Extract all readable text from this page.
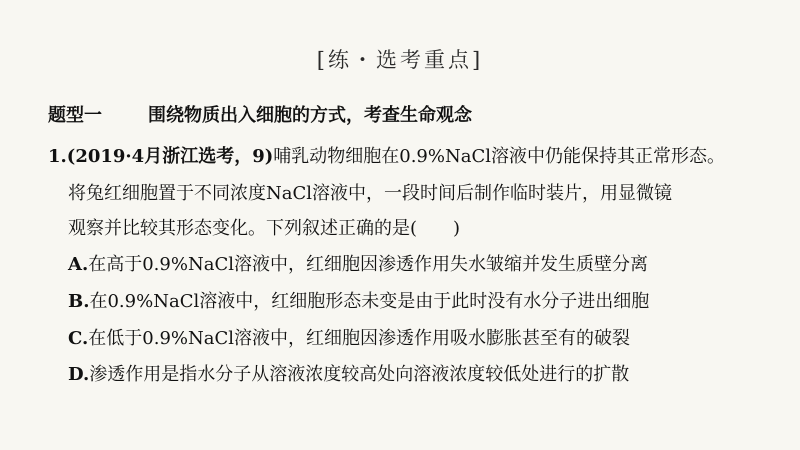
[练・选考重点]
题型一	围绕物质出入细胞的方式，考查生命观念
1.(2019·4月浙江选考，9)哺乳动物细胞在0.9%NaCl溶液中仍能保持其正常形态。
将兔红细胞置于不同浓度NaCl溶液中，一段时间后制作临时装片，用显微镜
观察并比较其形态变化。下列叙述正确的是( )
A.在高于0.9%NaCl溶液中，红细胞因渗透作用失水皱缩并发生质壁分离
B.在0.9%NaCl溶液中，红细胞形态未变是由于此时没有水分子进出细胞
C.在低于0.9%NaCl溶液中，红细胞因渗透作用吸水膨胀甚至有的破裂
D.渗透作用是指水分子从溶液浓度较高处向溶液浓度较低处进行的扩散
